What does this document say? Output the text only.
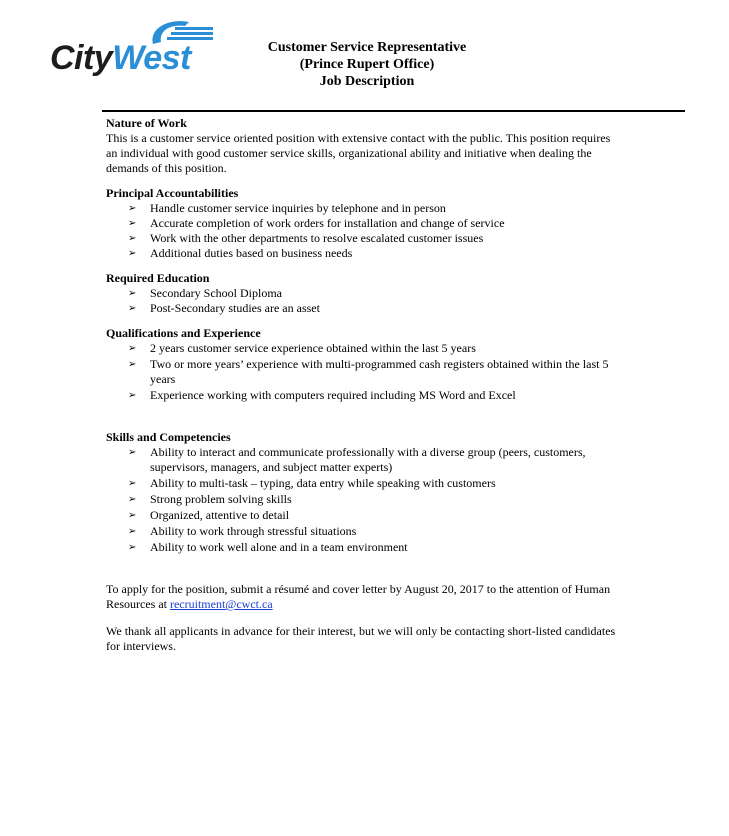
CityWest	Customer Service Representative
(Prince Rupert Office)
Job Description
Nature of Work
This is a customer service oriented position with extensive contact with the public. This position requires
an individual with good customer service skills, organizational ability and initiative when dealing the
demands of this position.
Principal Accountabilities
➢ Handle customer service inquiries by telephone and in person
➢ Accurate completion of work orders for installation and change of service
➢ Work with the other departments to resolve escalated customer issues
➢ Additional duties based on business needs
Required Education
➢ Secondary School Diploma
➢ Post-Secondary studies are an asset
Qualifications and Experience
➢ 2 years customer service experience obtained within the last 5 years
➢ Two or more years’ experience with multi-programmed cash registers obtained within the last 5
years
➢ Experience working with computers required including MS Word and Excel
Skills and Competencies
➢ Ability to interact and communicate professionally with a diverse group (peers, customers,
supervisors, managers, and subject matter experts)
➢ Ability to multi-task – typing, data entry while speaking with customers
➢ Strong problem solving skills
➢ Organized, attentive to detail
➢ Ability to work through stressful situations
➢ Ability to work well alone and in a team environment
To apply for the position, submit a résumé and cover letter by August 20, 2017 to the attention of Human
Resources at recruitment@cwct.ca
We thank all applicants in advance for their interest, but we will only be contacting short-listed candidates
for interviews.
